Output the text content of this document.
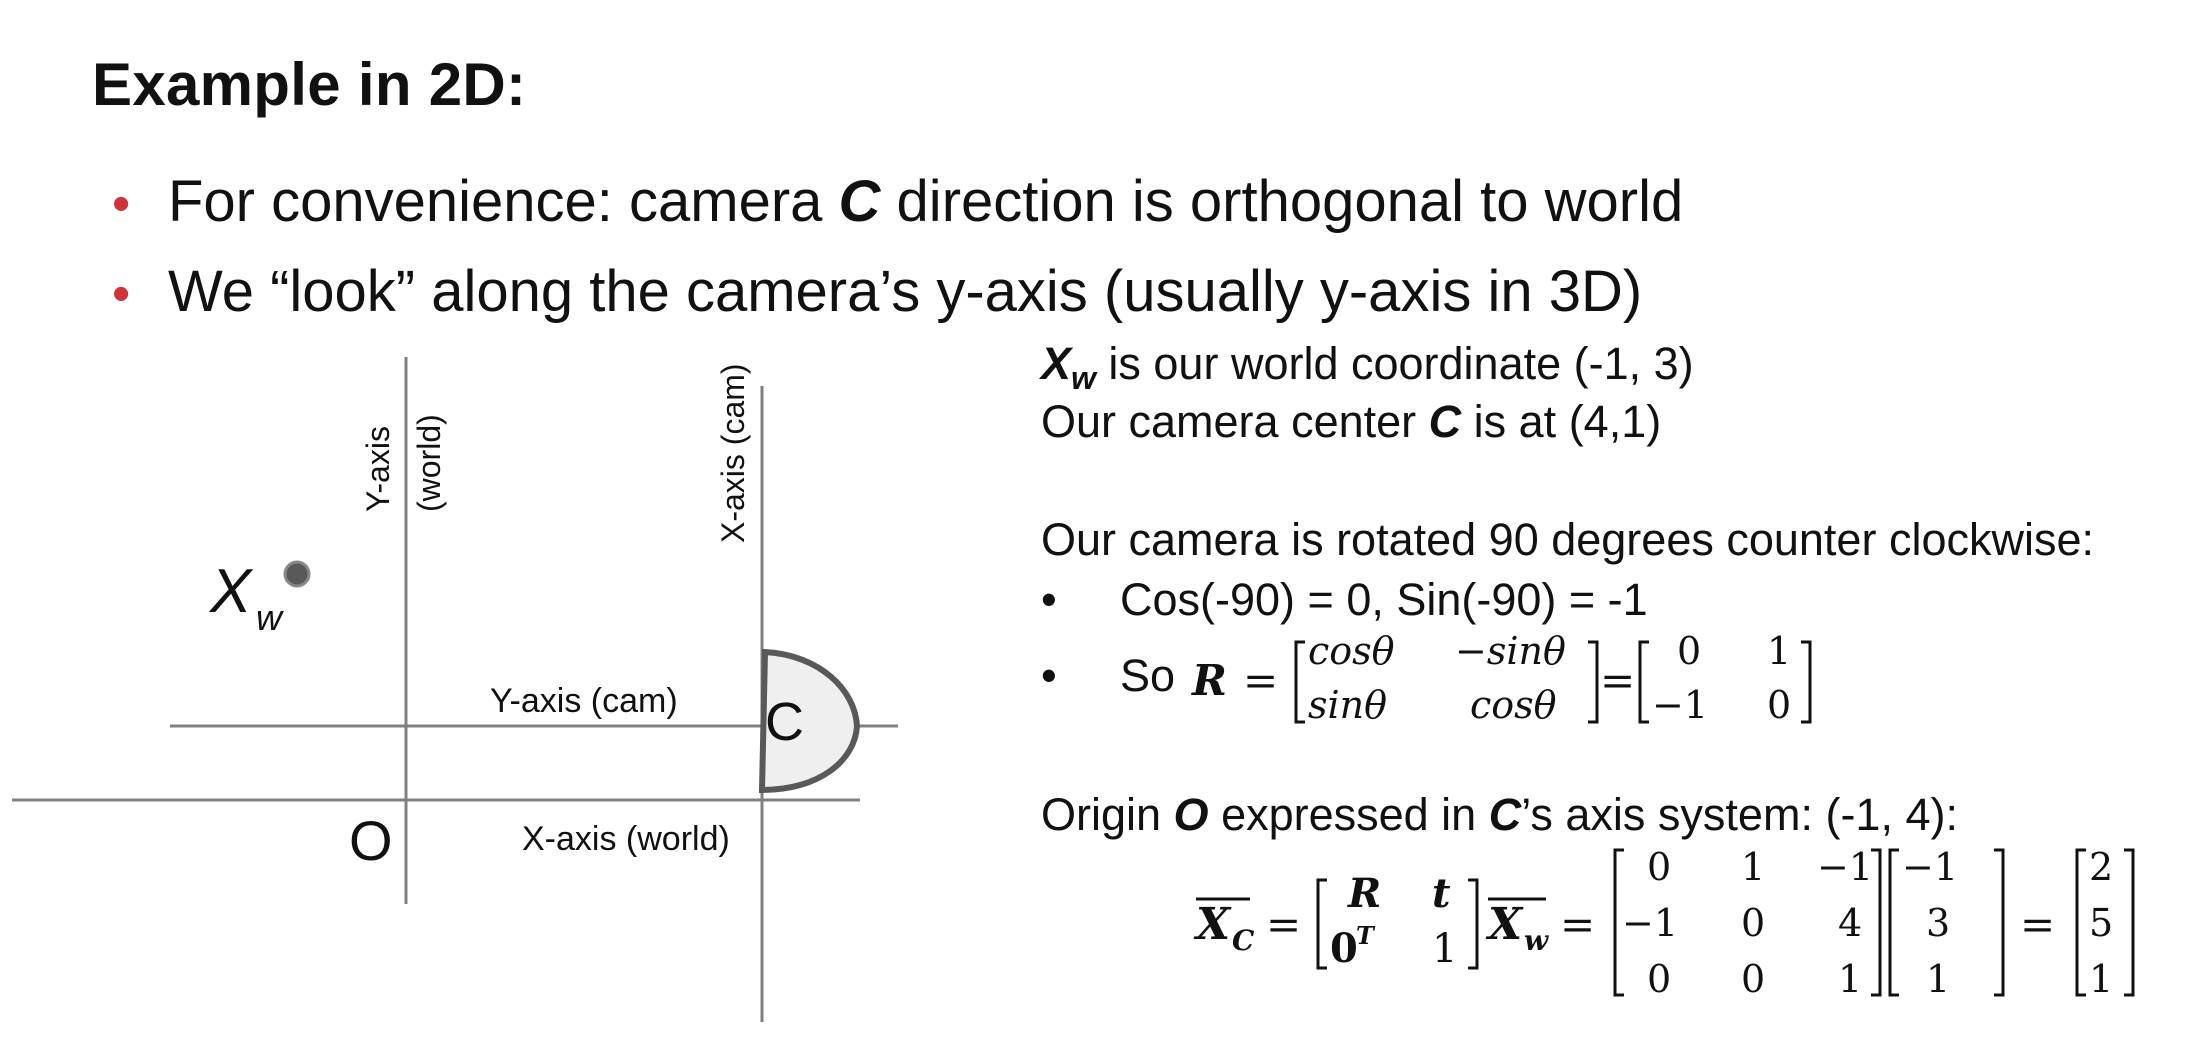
Example in 2D:
• For convenience: camera C direction is orthogonal to world
• We “look” along the camera’s y-axis (usually y-axis in 3D)
Y-axis (world)	X-axis (cam)
Y-axis (cam)
X-axis (world)
O
C
X w
$X_w$ is our world coordinate (-1, 3)
Our camera center C is at (4,1)
Our camera is rotated 90 degrees counter clockwise:
• Cos(-90) = 0, Sin(-90) = -1
• So
Origin O expressed in C’s axis system: (-1, 4):
R =
cosθ −sinθ
sinθ cosθ =
0 1
−1 0
X C =
R t
0
T 1 X w =
0 1 −1
−1 0 4
0 0 1
−1
3
1
=
2
5
1
